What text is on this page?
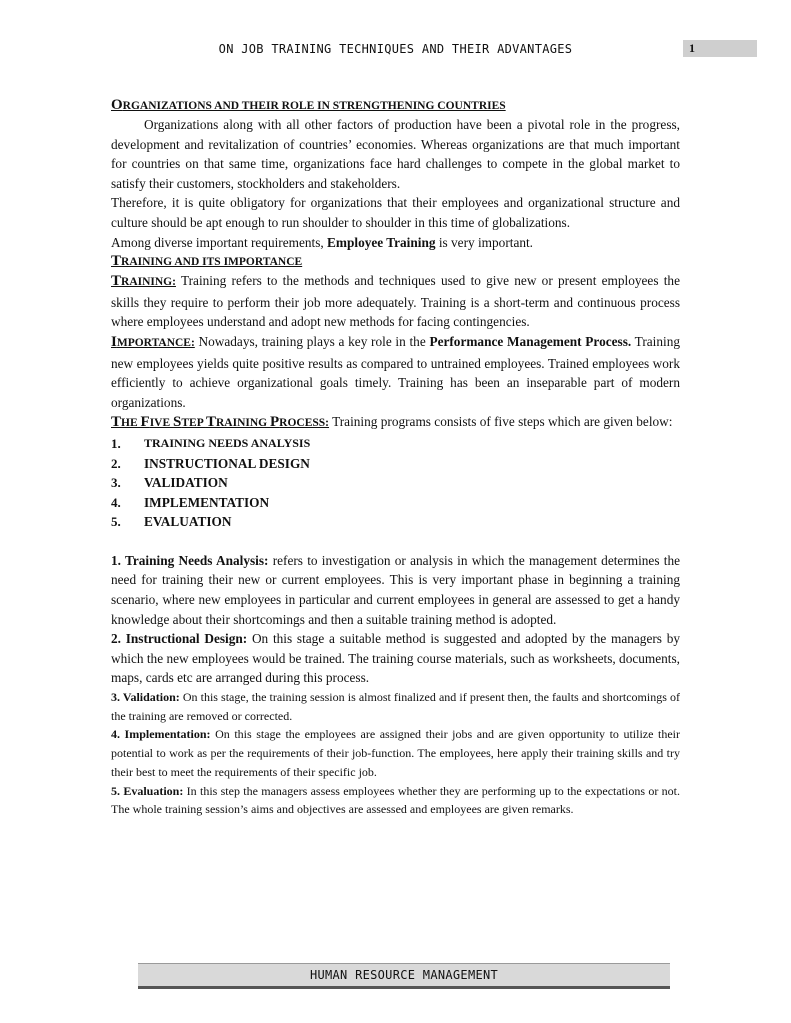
ON JOB TRAINING TECHNIQUES AND THEIR ADVANTAGES	1
ORGANIZATIONS AND THEIR ROLE IN STRENGTHENING COUNTRIES

Organizations along with all other factors of production have been a pivotal role in the progress, development and revitalization of countries’ economies. Whereas organizations are that much important for countries on that same time, organizations face hard challenges to compete in the global market to satisfy their customers, stockholders and stakeholders.

Therefore, it is quite obligatory for organizations that their employees and organizational structure and culture should be apt enough to run shoulder to shoulder in this time of globalizations.

Among diverse important requirements, Employee Training is very important.

TRAINING AND ITS IMPORTANCE

TRAINING: Training refers to the methods and techniques used to give new or present employees the skills they require to perform their job more adequately. Training is a short-term and continuous process where employees understand and adopt new methods for facing contingencies.

IMPORTANCE: Nowadays, training plays a key role in the Performance Management Process. Training new employees yields quite positive results as compared to untrained employees. Trained employees work efficiently to achieve organizational goals timely. Training has been an inseparable part of modern organizations.

THE FIVE STEP TRAINING PROCESS: Training programs consists of five steps which are given below:

1.	TRAINING NEEDS ANALYSIS
2.	INSTRUCTIONAL DESIGN
3.	VALIDATION
4.	IMPLEMENTATION
5.	EVALUATION

1. Training Needs Analysis: refers to investigation or analysis in which the management determines the need for training their new or current employees. This is very important phase in beginning a training scenario, where new employees in particular and current employees in general are assessed to get a handy knowledge about their shortcomings and then a suitable training method is adopted.

2. Instructional Design: On this stage a suitable method is suggested and adopted by the managers by which the new employees would be trained. The training course materials, such as worksheets, documents, maps, cards etc are arranged during this process.

3. Validation: On this stage, the training session is almost finalized and if present then, the faults and shortcomings of the training are removed or corrected.

4. Implementation: On this stage the employees are assigned their jobs and are given opportunity to utilize their potential to work as per the requirements of their job-function. The employees, here apply their training skills and try their best to meet the requirements of their specific job.

5. Evaluation: In this step the managers assess employees whether they are performing up to the expectations or not. The whole training session’s aims and objectives are assessed and employees are given remarks.

HUMAN RESOURCE MANAGEMENT
